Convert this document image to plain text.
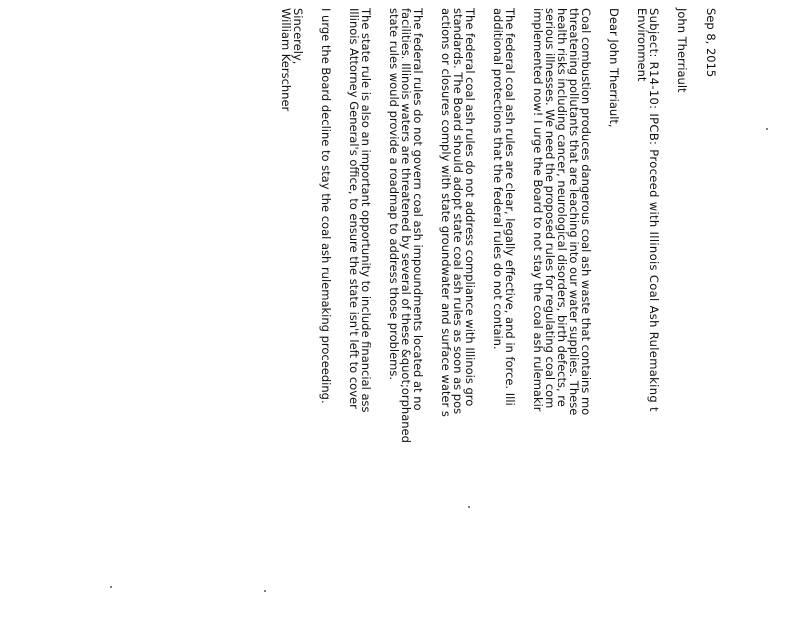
Sep 8, 2015
John Therriault
Subject: R14-10: IPCB: Proceed with Illinois Coal Ash Rulemaking t
Environment
Dear John Therriault,
Coal combustion produces dangerous coal ash waste that contains mo
threatening pollutants that are leaching into our water supplies. These
health risks including cancer, neurological disorders, birth defects, re
serious illnesses. We need the proposed rules for regulating coal com
implemented now! I urge the Board to not stay the coal ash rulemakir
The federal coal ash rules are clear, legally effective, and in force. Illi
additional protections that the federal rules do not contain.
The federal coal ash rules do not address compliance with Illinois gro
standards. The Board should adopt state coal ash rules as soon as pos
actions or closures comply with state groundwater and surface water s
The federal rules do not govern coal ash impoundments located at no
facilities. Illinois waters are threatened by several of these &quot;orphaned
state rules would provide a roadmap to address those problems.
The state rule is also an important opportunity to include financial ass
Illinois Attorney General's office, to ensure the state isn't left to cover
I urge the Board decline to stay the coal ash rulemaking proceeding.
Sincerely,
William Kerschner
